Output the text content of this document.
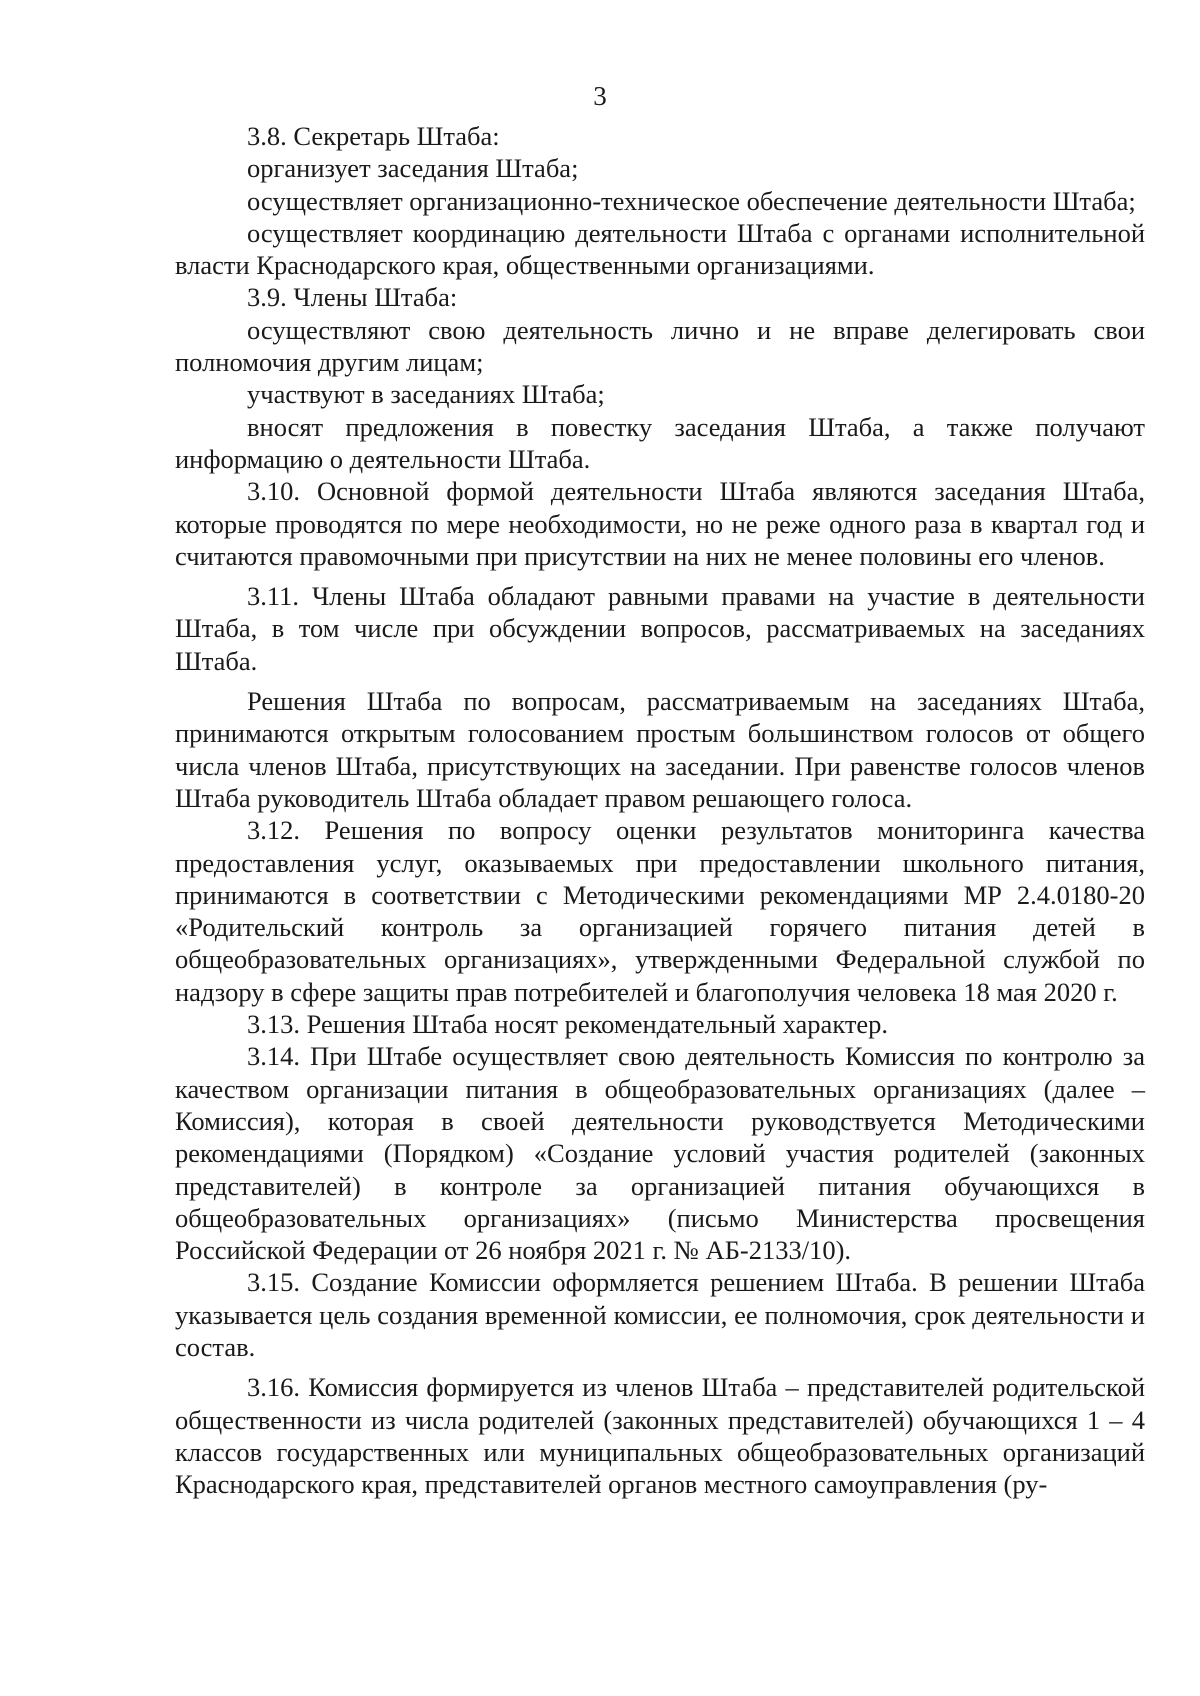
3

3.8. Секретарь Штаба:

организует заседания Штаба;

осуществляет организационно-техническое обеспечение деятельности Штаба;

осуществляет координацию деятельности Штаба с органами исполнительной власти Краснодарского края, общественными организациями.

3.9. Члены Штаба:

осуществляют свою деятельность лично и не вправе делегировать свои полномочия другим лицам;

участвуют в заседаниях Штаба;

вносят предложения в повестку заседания Штаба, а также получают информацию о деятельности Штаба.

3.10. Основной формой деятельности Штаба являются заседания Штаба, которые проводятся по мере необходимости, но не реже одного раза в квартал год и считаются правомочными при присутствии на них не менее половины его членов.

3.11. Члены Штаба обладают равными правами на участие в деятельности Штаба, в том числе при обсуждении вопросов, рассматриваемых на заседаниях Штаба.

Решения Штаба по вопросам, рассматриваемым на заседаниях Штаба, принимаются открытым голосованием простым большинством голосов от общего числа членов Штаба, присутствующих на заседании. При равенстве голосов членов Штаба руководитель Штаба обладает правом решающего голоса.

3.12. Решения по вопросу оценки результатов мониторинга качества предоставления услуг, оказываемых при предоставлении школьного питания, принимаются в соответствии с Методическими рекомендациями МР 2.4.0180-20 «Родительский контроль за организацией горячего питания детей в общеобразовательных организациях», утвержденными Федеральной службой по надзору в сфере защиты прав потребителей и благополучия человека 18 мая 2020 г.

3.13. Решения Штаба носят рекомендательный характер.

3.14. При Штабе осуществляет свою деятельность Комиссия по контролю за качеством организации питания в общеобразовательных организациях (далее – Комиссия), которая в своей деятельности руководствуется Методическими рекомендациями (Порядком) «Создание условий участия родителей (законных представителей) в контроле за организацией питания обучающихся в общеобразовательных организациях» (письмо Министерства просвещения Российской Федерации от 26 ноября 2021 г. № АБ-2133/10).

3.15. Создание Комиссии оформляется решением Штаба. В решении Штаба указывается цель создания временной комиссии, ее полномочия, срок деятельности и состав.

3.16. Комиссия формируется из членов Штаба – представителей родительской общественности из числа родителей (законных представителей) обучающихся 1 – 4 классов государственных или муниципальных общеобразовательных организаций Краснодарского края, представителей органов местного самоуправления (ру-
